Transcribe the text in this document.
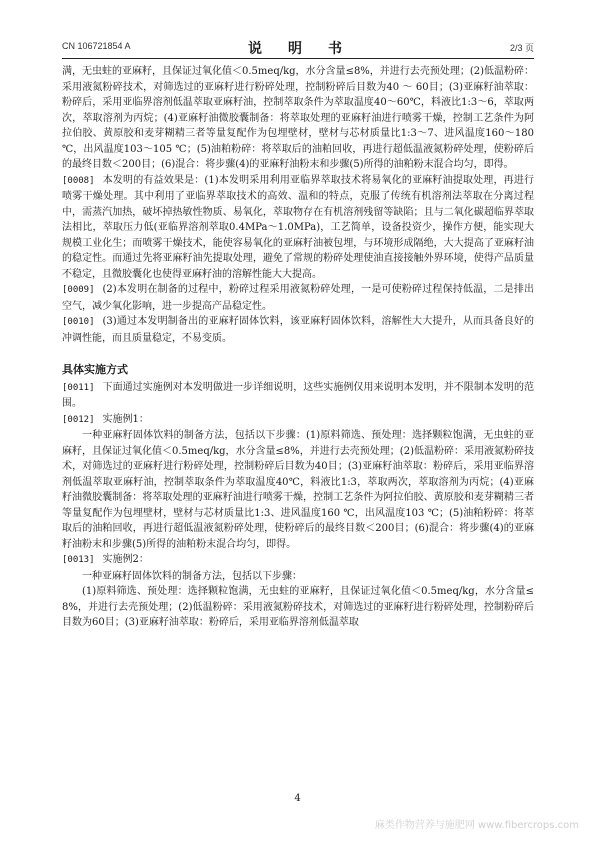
CN 106721854 A	说　明　书	2/3 页

满，无虫蛀的亚麻籽，且保证过氧化值＜0.5meq/kg，水分含量≤8%，并进行去壳预处理；(2)低温粉碎：采用液氮粉碎技术，对筛选过的亚麻籽进行粉碎处理，控制粉碎后目数为40 ～ 60目；(3)亚麻籽油萃取：粉碎后，采用亚临界溶剂低温萃取亚麻籽油，控制萃取条件为萃取温度40～60℃，料液比1:3～6，萃取两次，萃取溶剂为丙烷；(4)亚麻籽油微胶囊制备：将萃取处理的亚麻籽油进行喷雾干燥，控制工艺条件为阿拉伯胶、黄原胶和麦芽糊精三者等量复配作为包埋壁材，壁材与芯材质量比1:3～7、进风温度160～180 ℃，出风温度103～105 ℃；(5)油粕粉碎：将萃取后的油粕回收，再进行超低温液氮粉碎处理，使粉碎后的最终目数＜200目；(6)混合：将步骤(4)的亚麻籽油粉末和步骤(5)所得的油粕粉末混合均匀，即得。

[0008] 本发明的有益效果是：(1)本发明采用利用亚临界萃取技术将易氧化的亚麻籽油提取处理，再进行喷雾干燥处理。其中利用了亚临界萃取技术的高效、温和的特点，克服了传统有机溶剂法萃取在分离过程中，需蒸汽加热，破坏掉热敏性物质、易氧化，萃取物存在有机溶剂残留等缺陷；且与二氧化碳超临界萃取法相比，萃取压力低(亚临界溶剂萃取0.4MPa～1.0MPa)，工艺简单，设备投资少，操作方便，能实现大规模工业化生；而喷雾干燥技术，能使容易氧化的亚麻籽油被包埋，与环境形成隔绝，大大提高了亚麻籽油的稳定性。而通过先将亚麻籽油先提取处理，避免了常规的粉碎处理使油直接接触外界环境，使得产品质量不稳定，且微胶囊化也使得亚麻籽油的溶解性能大大提高。

[0009] (2)本发明在制备的过程中，粉碎过程采用液氮粉碎处理，一是可使粉碎过程保持低温，二是排出空气，减少氧化影响，进一步提高产品稳定性。

[0010] (3)通过本发明制备出的亚麻籽固体饮料，该亚麻籽固体饮料，溶解性大大提升，从而具备良好的冲调性能，而且质量稳定，不易变质。

具体实施方式

[0011] 下面通过实施例对本发明做进一步详细说明，这些实施例仅用来说明本发明，并不限制本发明的范围。

[0012] 实施例1：

一种亚麻籽固体饮料的制备方法，包括以下步骤：(1)原料筛选、预处理：选择颗粒饱满，无虫蛀的亚麻籽，且保证过氧化值＜0.5meq/kg，水分含量≤8%，并进行去壳预处理；(2)低温粉碎：采用液氮粉碎技术，对筛选过的亚麻籽进行粉碎处理，控制粉碎后目数为40目；(3)亚麻籽油萃取：粉碎后，采用亚临界溶剂低温萃取亚麻籽油，控制萃取条件为萃取温度40℃，料液比1:3，萃取两次，萃取溶剂为丙烷；(4)亚麻籽油微胶囊制备：将萃取处理的亚麻籽油进行喷雾干燥，控制工艺条件为阿拉伯胶、黄原胶和麦芽糊精三者等量复配作为包埋壁材，壁材与芯材质量比1:3、进风温度160 ℃，出风温度103 ℃；(5)油粕粉碎：将萃取后的油粕回收，再进行超低温液氮粉碎处理，使粉碎后的最终目数＜200目；(6)混合：将步骤(4)的亚麻籽油粉末和步骤(5)所得的油粕粉末混合均匀，即得。

[0013] 实施例2：

一种亚麻籽固体饮料的制备方法，包括以下步骤：

(1)原料筛选、预处理：选择颗粒饱满，无虫蛀的亚麻籽，且保证过氧化值＜0.5meq/kg，水分含量≤8%，并进行去壳预处理；(2)低温粉碎：采用液氮粉碎技术，对筛选过的亚麻籽进行粉碎处理，控制粉碎后目数为60目；(3)亚麻籽油萃取：粉碎后，采用亚临界溶剂低温萃取

4
麻类作物营养与施肥网 www.fibercrops.com
